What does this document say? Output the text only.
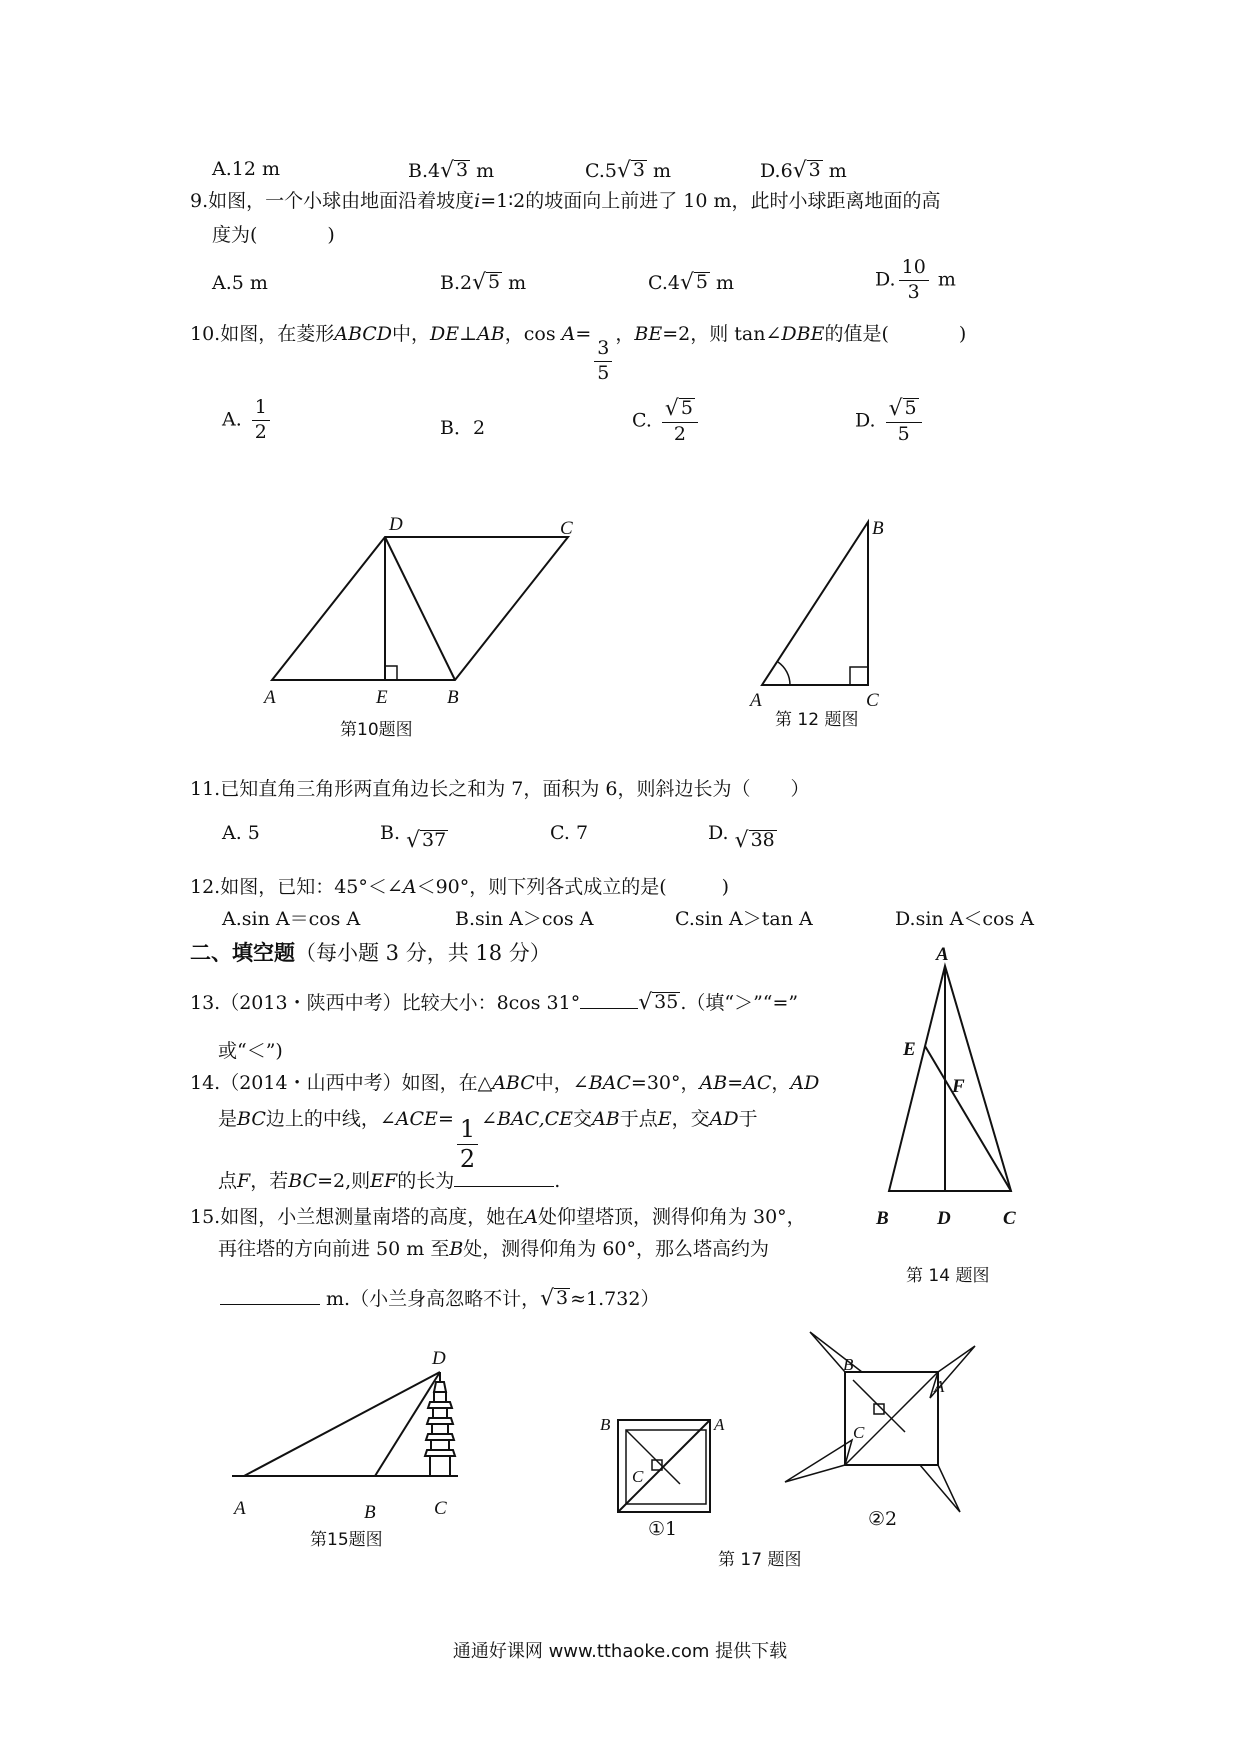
A.12 m	B.4 √ 3 m	C.5 √ 3 m	D.6 √ 3 m
9.如图，一个小球由地面沿着坡度i=1∶2的坡面向上前进了 10 m，此时小球距离地面的高
度为(	)
A.5 m	B.2 √ 5 m	C.4 √ 5 m	D. $\frac{10}{3}$ m
10.如图，在菱形ABCD中，DE⊥AB，cos A=
$\frac{3}{5}$
，BE=2，则 tan∠DBE的值是(	)
A. $\frac{1}{2}$	B．2	C. $\frac{√ 5}{2}$	D. $\frac{√ 5}{5}$
D	C
A	E	B
第10题图
B
A	C
第 12 题图
11.已知直角三角形两直角边长之和为 7，面积为 6，则斜边长为（ ）
A. 5	B. √ 37	C. 7	D. √ 38
12.如图，已知：45°＜∠A＜90°，则下列各式成立的是(	)
A.sin A＝cos A	B.sin A＞cos A	C.sin A＞tan A	D.sin A＜cos A
二、填空题（每小题 3 分，共 18 分）
13.（2013・陕西中考）比较大小：8cos 31°	√ 35 .（填“＞”“=”
或“＜”)
14.（2014・山西中考）如图，在△ABC中，∠BAC=30°，AB=AC，AD
是BC边上的中线，∠ACE= $\frac{1}{2}$ ∠BAC,CE交AB于点E，交AD于
点F，若BC=2,则EF的长为	.
A
E
F
B	D	C
第 14 题图
15.如图，小兰想测量南塔的高度，她在A处仰望塔顶，测得仰角为 30°，
再往塔的方向前进 50 m 至B处，测得仰角为 60°，那么塔高约为
m.（小兰身高忽略不计， √ 3 ≈1.732）
D
A	B	C
第15题图
B	A
C
①1
B
A
C
②2
第 17 题图
通通好课网 www.tthaoke.com 提供下载
